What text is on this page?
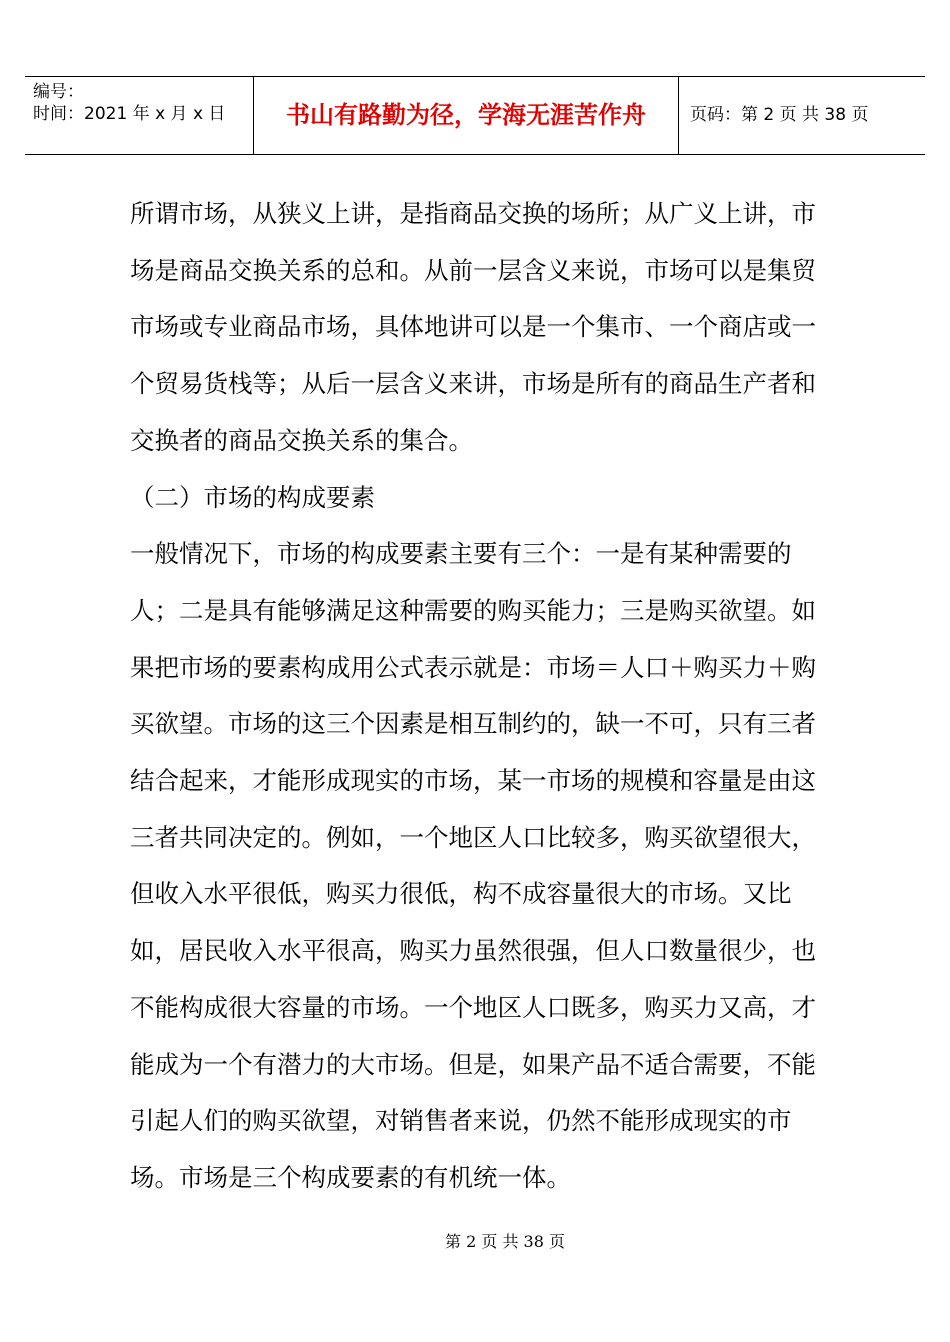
编号：
时间：2021 年 x 月 x 日	书山有路勤为径，学海无涯苦作舟	页码：第 2 页 共 38 页

所谓市场，从狭义上讲，是指商品交换的场所；从广义上讲，市场是商品交换关系的总和。从前一层含义来说，市场可以是集贸市场或专业商品市场，具体地讲可以是一个集市、一个商店或一个贸易货栈等；从后一层含义来讲，市场是所有的商品生产者和交换者的商品交换关系的集合。

（二）市场的构成要素

一般情况下，市场的构成要素主要有三个：一是有某种需要的人；二是具有能够满足这种需要的购买能力；三是购买欲望。如果把市场的要素构成用公式表示就是：市场＝人口＋购买力＋购买欲望。市场的这三个因素是相互制约的，缺一不可，只有三者结合起来，才能形成现实的市场，某一市场的规模和容量是由这三者共同决定的。例如，一个地区人口比较多，购买欲望很大，但收入水平很低，购买力很低，构不成容量很大的市场。又比如，居民收入水平很高，购买力虽然很强，但人口数量很少，也不能构成很大容量的市场。一个地区人口既多，购买力又高，才能成为一个有潜力的大市场。但是，如果产品不适合需要，不能引起人们的购买欲望，对销售者来说，仍然不能形成现实的市场。市场是三个构成要素的有机统一体。

第 2 页 共 38 页
